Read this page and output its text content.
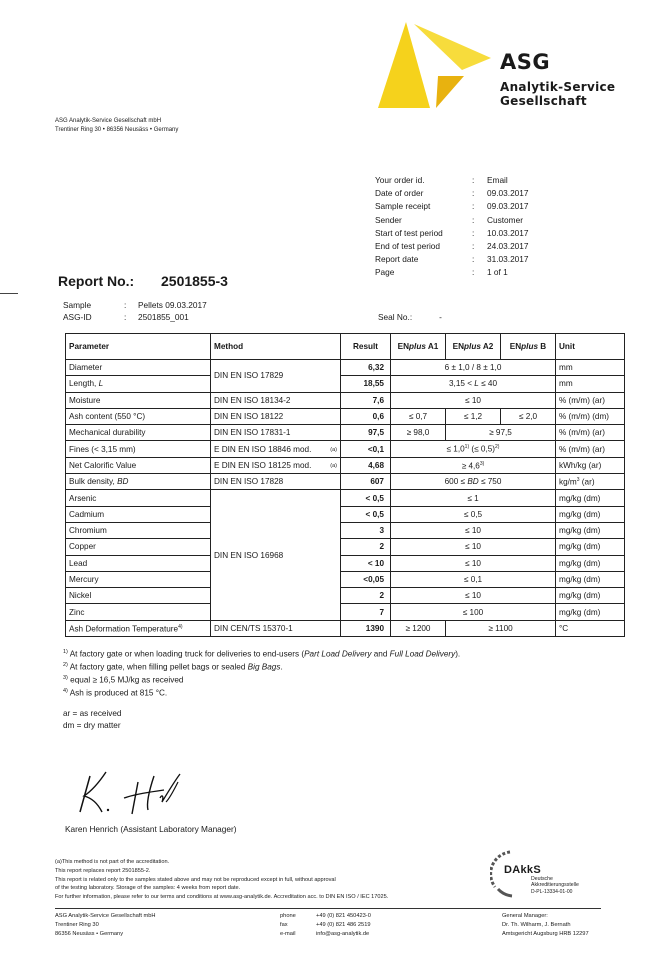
ASG
Analytik-Service
Gesellschaft
ASG Analytik-Service Gesellschaft mbH
Trentiner Ring 30 • 86356 Neusäss • Germany
Your order id.	:	Email
Date of order	:	09.03.2017
Sample receipt	:	09.03.2017
Sender	:	Customer
Start of test period	:	10.03.2017
End of test period	:	24.03.2017
Report date	:	31.03.2017
Page	:	1 of 1
Report No.: 2501855-3
Sample	:	Pellets 09.03.2017
ASG-ID	:	2501855_001	Seal No.:	-
Parameter	Method	Result	ENplus A1	ENplus A2	ENplus B	Unit
Diameter	DIN EN ISO 17829	6,32	6 ± 1,0 / 8 ± 1,0			mm
Length, L		18,55	3,15 < L ≤ 40			mm
Moisture	DIN EN ISO 18134-2	7,6	≤ 10			% (m/m) (ar)
Ash content (550 °C)	DIN EN ISO 18122	0,6	≤ 0,7	≤ 1,2	≤ 2,0	% (m/m) (dm)
Mechanical durability	DIN EN ISO 17831-1	97,5	≥ 98,0	≥ 97,5		% (m/m) (ar)
Fines (< 3,15 mm)	E DIN EN ISO 18846 mod. (a)	<0,1	≤ $1,0^{1)}$ (≤ 0,5)$^{2)}$			% (m/m) (ar)
Net Calorific Value	E DIN EN ISO 18125 mod. (a)	4,68	≥ $4,6^{3)}$			kWh/kg (ar)
Bulk density, BD	DIN EN ISO 17828	607	600 ≤ BD ≤ 750			$kg/m^3$ (ar)
Arsenic	DIN EN ISO 16968	< 0,5	≤ 1			mg/kg (dm)
Cadmium		< 0,5	≤ 0,5			mg/kg (dm)
Chromium		3	≤ 10			mg/kg (dm)
Copper		2	≤ 10			mg/kg (dm)
Lead		< 10	≤ 10			mg/kg (dm)
Mercury		<0,05	≤ 0,1			mg/kg (dm)
Nickel		2	≤ 10			mg/kg (dm)
Zinc		7	≤ 100			mg/kg (dm)
Ash Deformation Temperature$^{4)}$	DIN CEN/TS 15370-1	1390	≥ 1200	≥ 1100		°C
$^{1)}$ At factory gate or when loading truck for deliveries to end-users (Part Load Delivery and Full Load Delivery).
$^{2)}$ At factory gate, when filling pellet bags or sealed Big Bags.
$^{3)}$ equal ≥ 16,5 MJ/kg as received
$^{4)}$ Ash is produced at 815 °C.
ar = as received
dm = dry matter
Karen Henrich (Assistant Laboratory Manager)
(a)This method is not part of the accreditation.
This report replaces report 2501855-2.
This report is related only to the samples stated above and may not be reproduced except in full, without approval
of the testing laboratory. Storage of the samples: 4 weeks from report date.
For further information, please refer to our terms and conditions at www.asg-analytik.de. Accreditation acc. to DIN EN ISO / IEC 17025.
DAkkS
Deutsche
Akkreditierungsstelle
D-PL-13334-01-00
ASG Analytik-Service Gesellschaft mbH
Trentiner Ring 30
86356 Neusäss • Germany
phone
fax
e-mail
+49 (0) 821 450423-0
+49 (0) 821 486 2519
info@asg-analytik.de
General Manager:
Dr. Th. Wilharm, J. Bernath
Amtsgericht Augsburg HRB 12297
